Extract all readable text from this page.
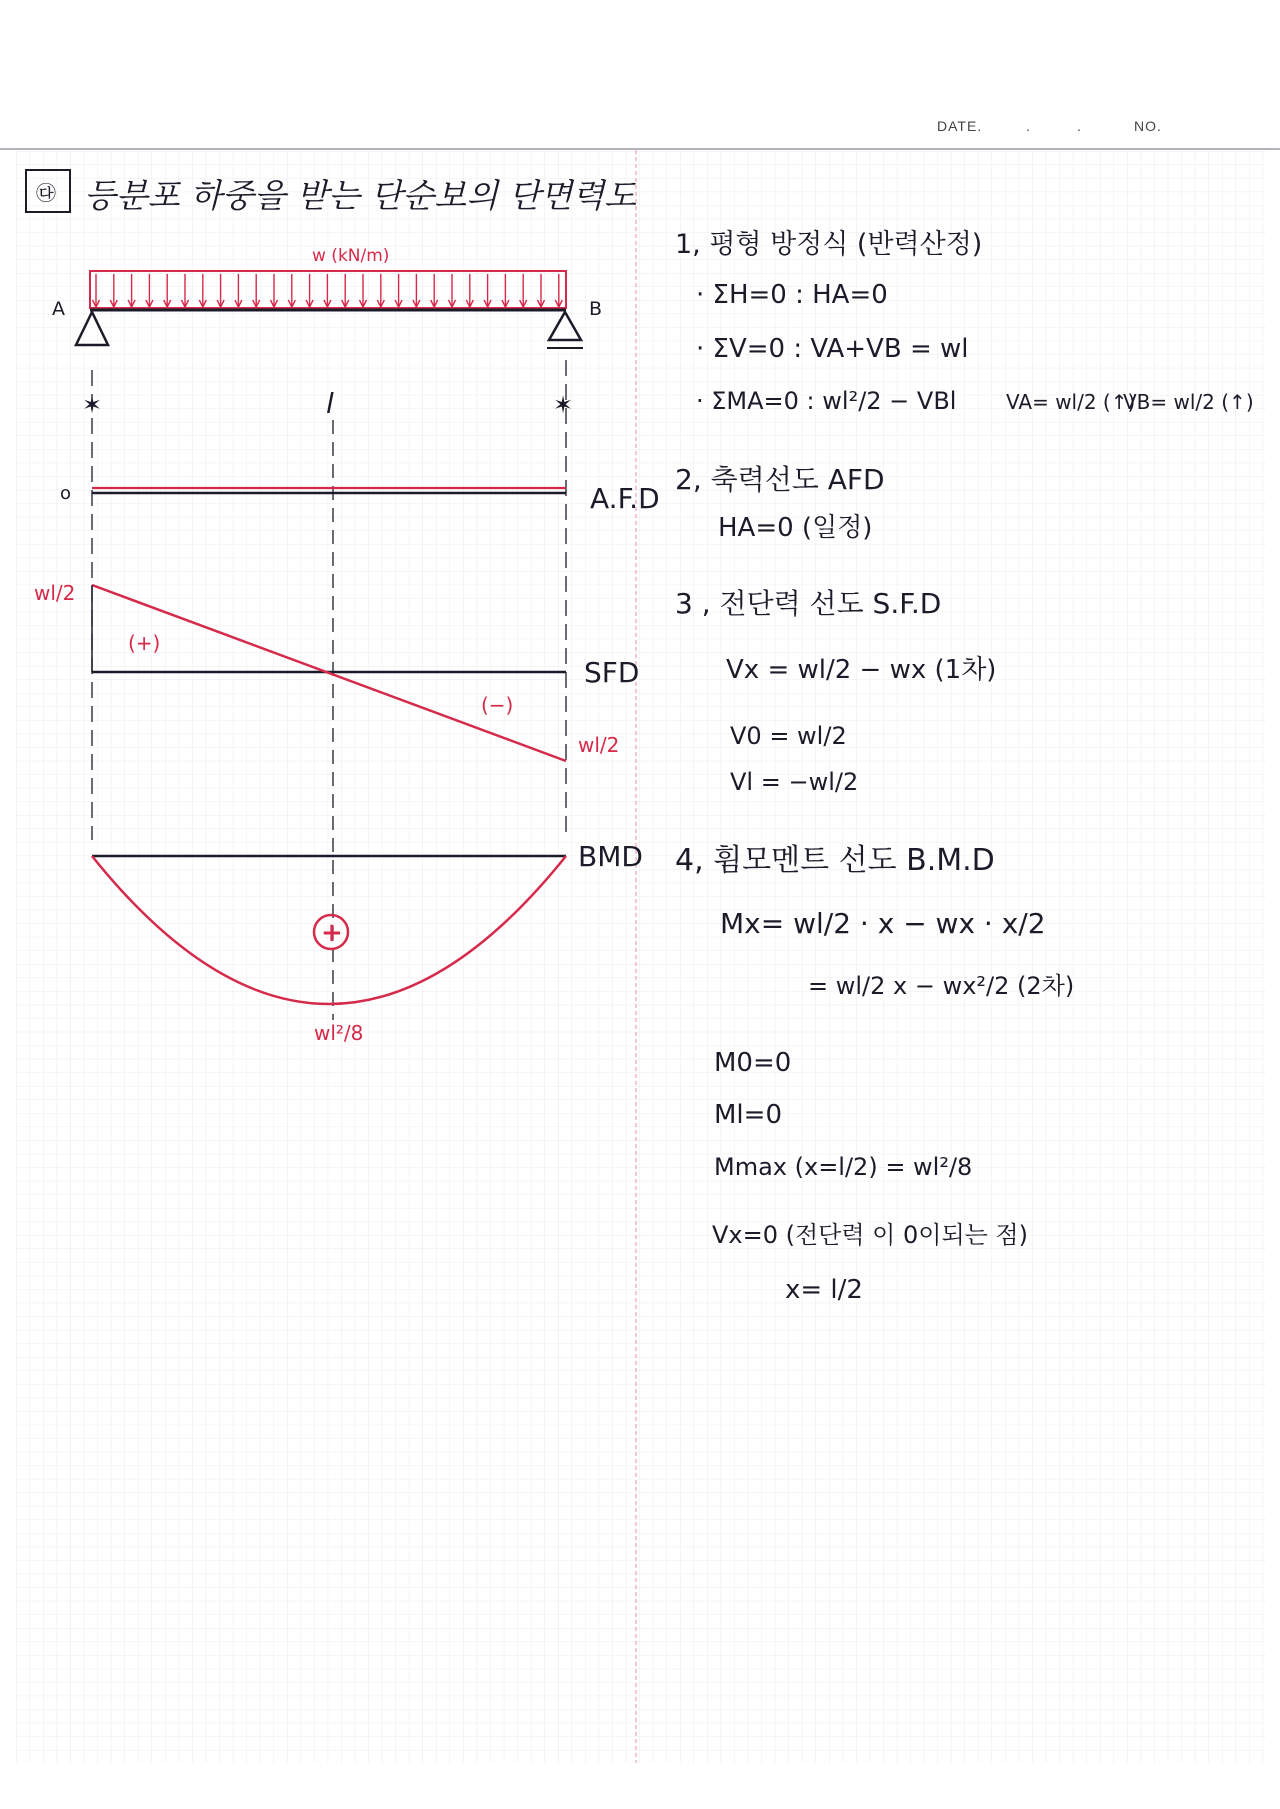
DATE.	.	.	NO.
㉰ 등분포 하중을 받는 단순보의 단면력도
w (kN/m)
A	B
✶	l	✶
o	A.F.D
wl/2
(+)
(−)
wl/2
SFD
+
wl²/8
BMD
1, 평형 방정식 (반력산정)
· ΣH=0 : HA=0
· ΣV=0 : VA+VB = wl
· ΣMA=0 : wl²/2 − VBl VA= wl/2 (↑)
VB= wl/2 (↑)
2, 축력선도 AFD
HA=0 (일정)
3 , 전단력 선도 S.F.D
Vx = wl/2 − wx (1차)
V0 = wl/2
Vl = −wl/2
4, 휨모멘트 선도 B.M.D
Mx= wl/2 · x − wx · x/2
= wl/2 x − wx²/2 (2차)
M0=0
Ml=0
Mmax (x=l/2) = wl²/8
Vx=0 (전단력 이 0이되는 점)
x= l/2
